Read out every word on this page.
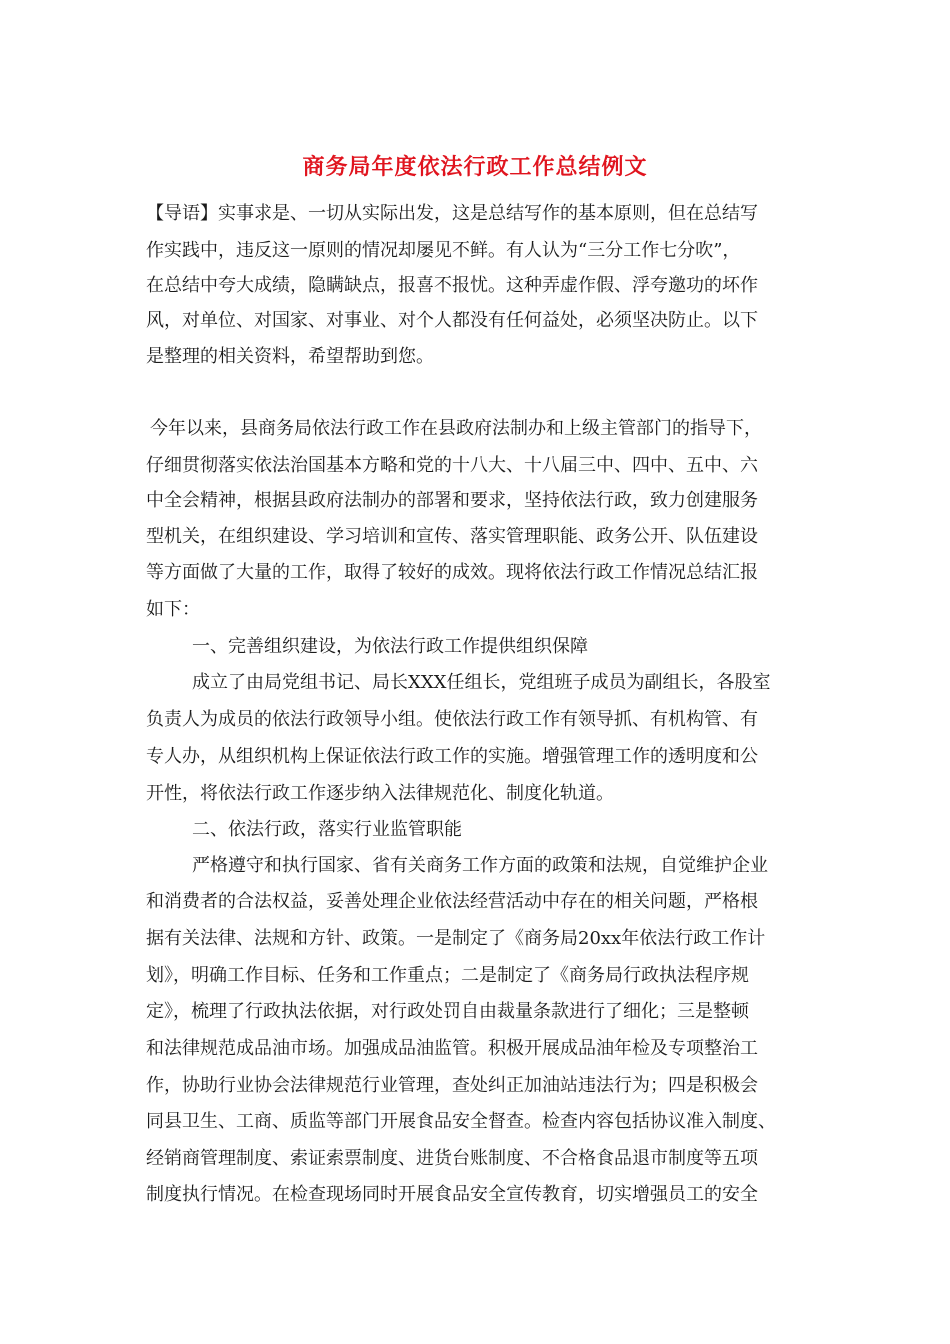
商务局年度依法行政工作总结例文
【导语】实事求是、一切从实际出发，这是总结写作的基本原则，但在总结写
作实践中，违反这一原则的情况却屡见不鲜。有人认为“三分工作七分吹”，
在总结中夸大成绩，隐瞒缺点，报喜不报忧。这种弄虚作假、浮夸邀功的坏作
风，对单位、对国家、对事业、对个人都没有任何益处，必须坚决防止。以下
是整理的相关资料，希望帮助到您。
今年以来，县商务局依法行政工作在县政府法制办和上级主管部门的指导下，
仔细贯彻落实依法治国基本方略和党的十八大、十八届三中、四中、五中、六
中全会精神，根据县政府法制办的部署和要求，坚持依法行政，致力创建服务
型机关，在组织建设、学习培训和宣传、落实管理职能、政务公开、队伍建设
等方面做了大量的工作，取得了较好的成效。现将依法行政工作情况总结汇报
如下：
一、完善组织建设，为依法行政工作提供组织保障
成立了由局党组书记、局长XXX任组长，党组班子成员为副组长，各股室
负责人为成员的依法行政领导小组。使依法行政工作有领导抓、有机构管、有
专人办，从组织机构上保证依法行政工作的实施。增强管理工作的透明度和公
开性，将依法行政工作逐步纳入法律规范化、制度化轨道。
二、依法行政，落实行业监管职能
严格遵守和执行国家、省有关商务工作方面的政策和法规，自觉维护企业
和消费者的合法权益，妥善处理企业依法经营活动中存在的相关问题，严格根
据有关法律、法规和方针、政策。一是制定了《商务局20xx年依法行政工作计
划》，明确工作目标、任务和工作重点；二是制定了《商务局行政执法程序规
定》，梳理了行政执法依据，对行政处罚自由裁量条款进行了细化；三是整顿
和法律规范成品油市场。加强成品油监管。积极开展成品油年检及专项整治工
作，协助行业协会法律规范行业管理，查处纠正加油站违法行为；四是积极会
同县卫生、工商、质监等部门开展食品安全督查。检查内容包括协议准入制度、
经销商管理制度、索证索票制度、进货台账制度、不合格食品退市制度等五项
制度执行情况。在检查现场同时开展食品安全宣传教育，切实增强员工的安全
